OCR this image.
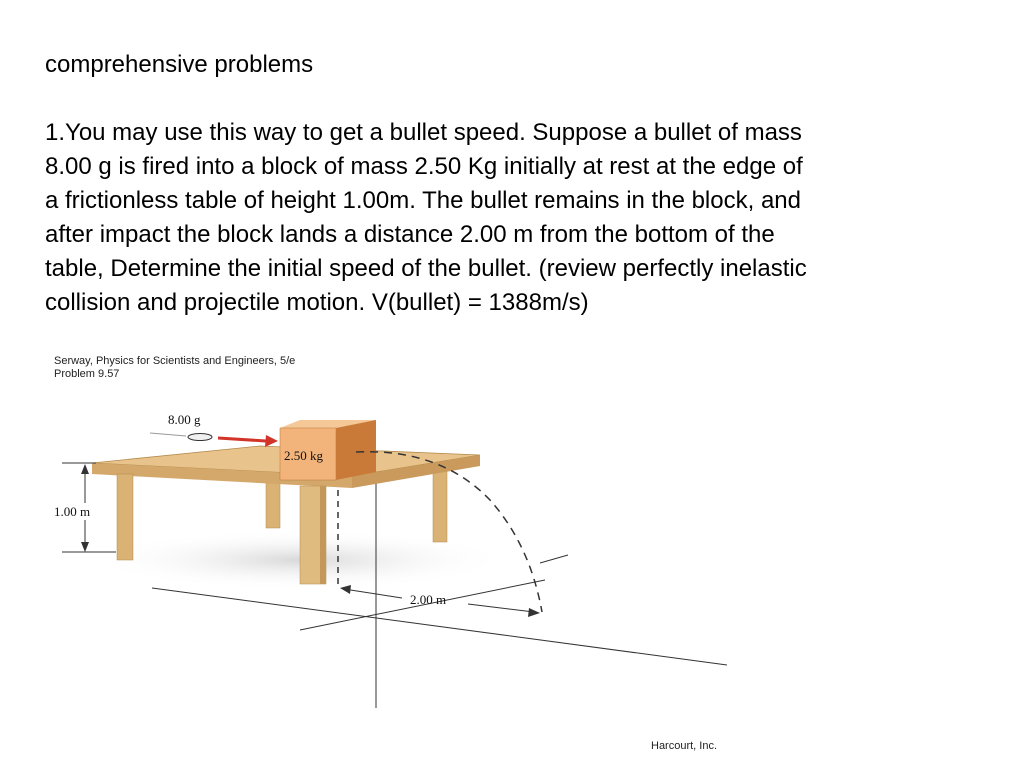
comprehensive problems

1.You may use this way to get a bullet speed. Suppose a bullet of mass

8.00 g is fired into a block of mass 2.50 Kg initially at rest at the edge of

a frictionless table of height 1.00m. The bullet remains in the block, and

after impact the block lands a distance 2.00 m from the bottom of the

table, Determine the initial speed of the bullet. (review perfectly inelastic

collision and projectile motion. V(bullet) = 1388m/s)

Serway, Physics for Scientists and Engineers, 5/e
Problem 9.57
2.50 kg
8.00 g
1.00 m
2.00 m
Harcourt, Inc.
